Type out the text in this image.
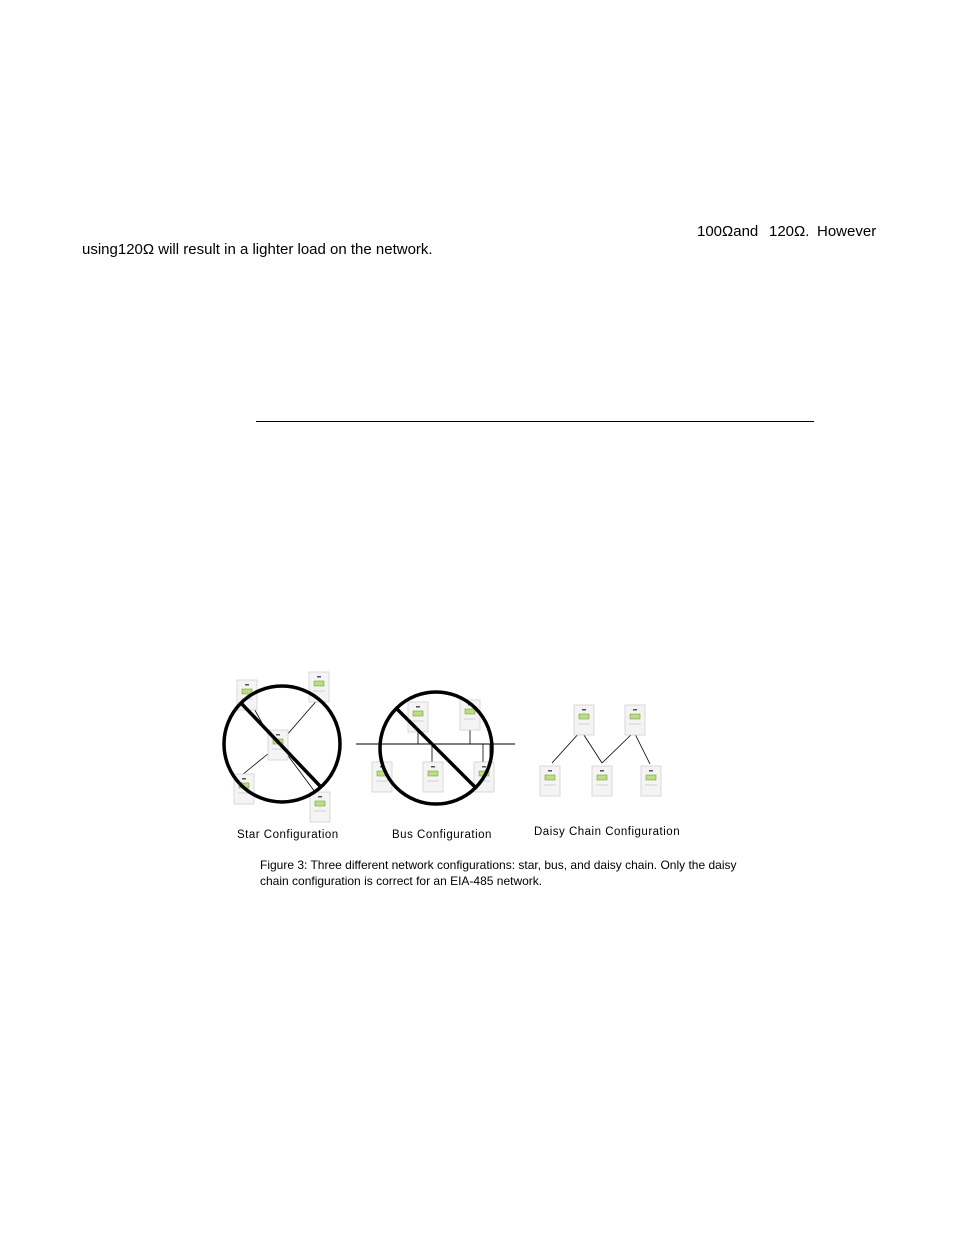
100Ωand 120Ω. However
using120Ω will result in a lighter load on the network.
Star Configuration	Bus Configuration	Daisy Chain Configuration
Figure 3: Three different network configurations: star, bus, and daisy chain. Only the daisy
chain configuration is correct for an EIA-485 network.
